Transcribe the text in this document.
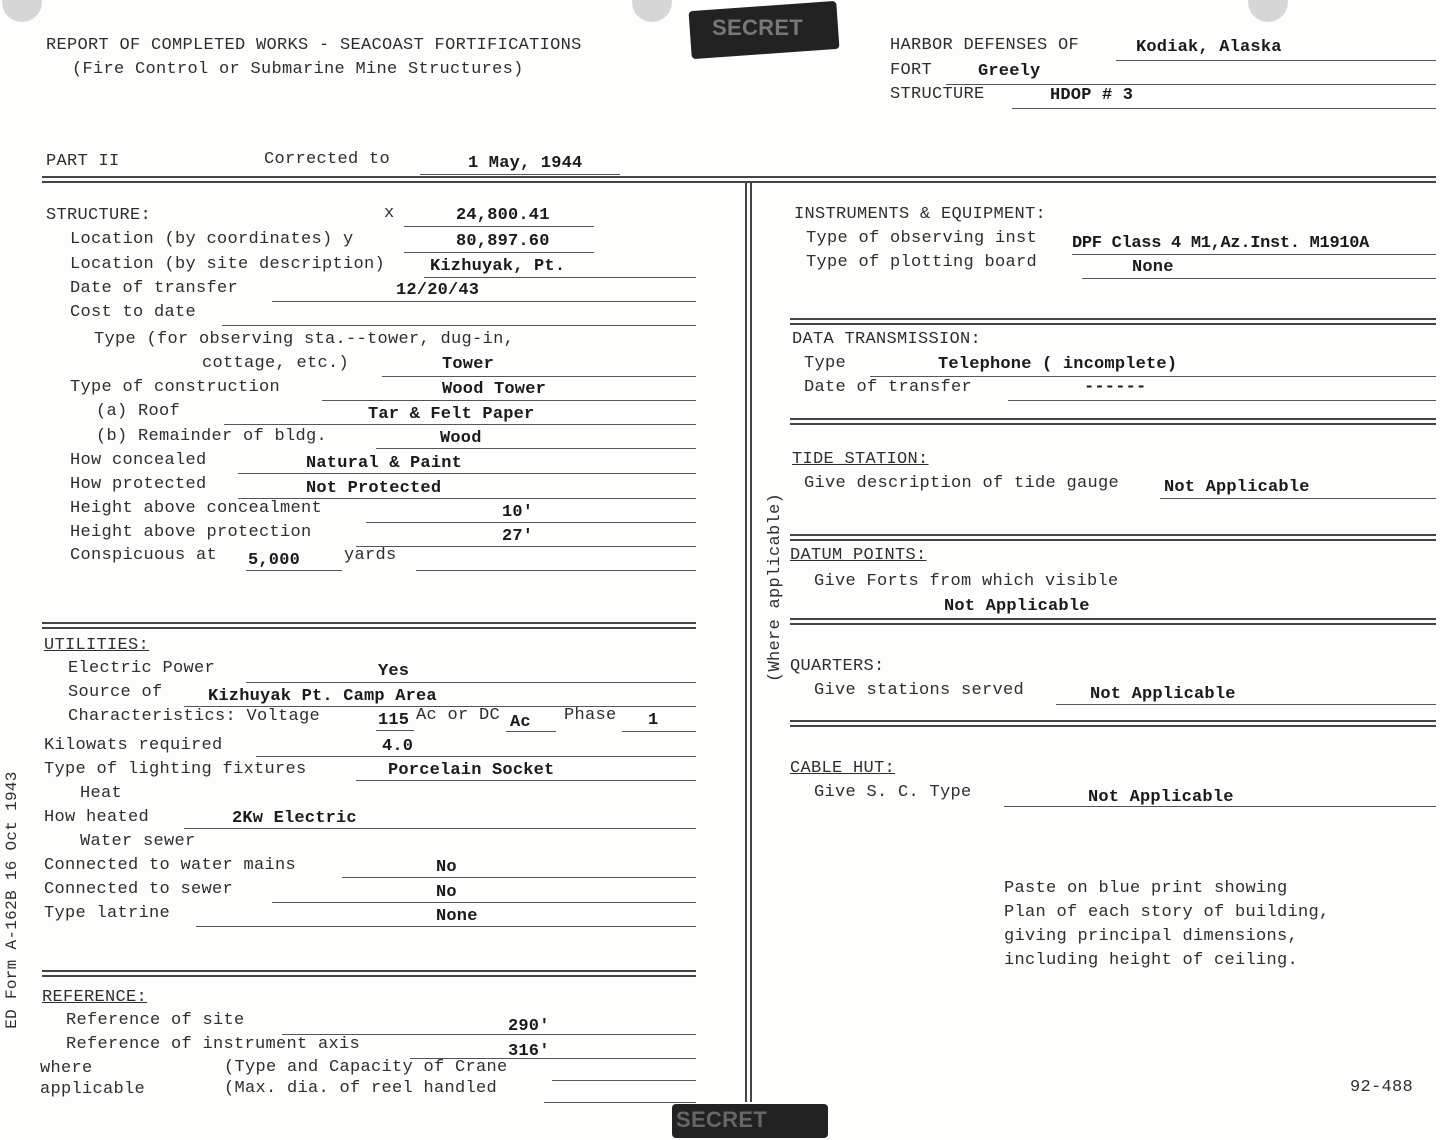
SECRET
SECRET
REPORT OF COMPLETED WORKS - SEACOAST FORTIFICATIONS
(Fire Control or Submarine Mine Structures)
HARBOR DEFENSES OF	Kodiak, Alaska
FORT	Greely
STRUCTURE	HDOP # 3
PART II	Corrected to	1 May, 1944
(Where applicable)
ED Form A-162B 16 Oct 1943
STRUCTURE:	x	24,800.41
Location (by coordinates) y	80,897.60
Location (by site description)	Kizhuyak, Pt.
Date of transfer	12/20/43
Cost to date
Type (for observing sta.--tower, dug-in,
cottage, etc.)	Tower
Type of construction	Wood Tower
(a) Roof	Tar & Felt Paper
(b) Remainder of bldg.	Wood
How concealed	Natural & Paint
How protected	Not Protected
Height above concealment	10'
Height above protection	27'
Conspicuous at 5,000	yards
UTILITIES:
Electric Power	Yes
Source of	Kizhuyak Pt. Camp Area
Characteristics: Voltage	115 Ac or DC Ac Phase 1
Kilowats required	4.0
Type of lighting fixtures	Porcelain Socket
Heat
How heated	2Kw Electric
Water sewer
Connected to water mains	No
Connected to sewer	No
Type latrine	None
REFERENCE:
Reference of site	290'
Reference of instrument axis	316'
where
applicable
(Type and Capacity of Crane
(Max. dia. of reel handled
INSTRUMENTS & EQUIPMENT:
Type of observing inst DPF Class 4 M1,Az.Inst. M1910A
Type of plotting board	None
DATA TRANSMISSION:
Type	Telephone ( incomplete)
Date of transfer	------
TIDE STATION:
Give description of tide gauge	Not Applicable
DATUM POINTS:
Give Forts from which visible
Not Applicable
QUARTERS:
Give stations served	Not Applicable
CABLE HUT:
Give S. C. Type	Not Applicable
Paste on blue print showing
Plan of each story of building,
giving principal dimensions,
including height of ceiling.
92-488
